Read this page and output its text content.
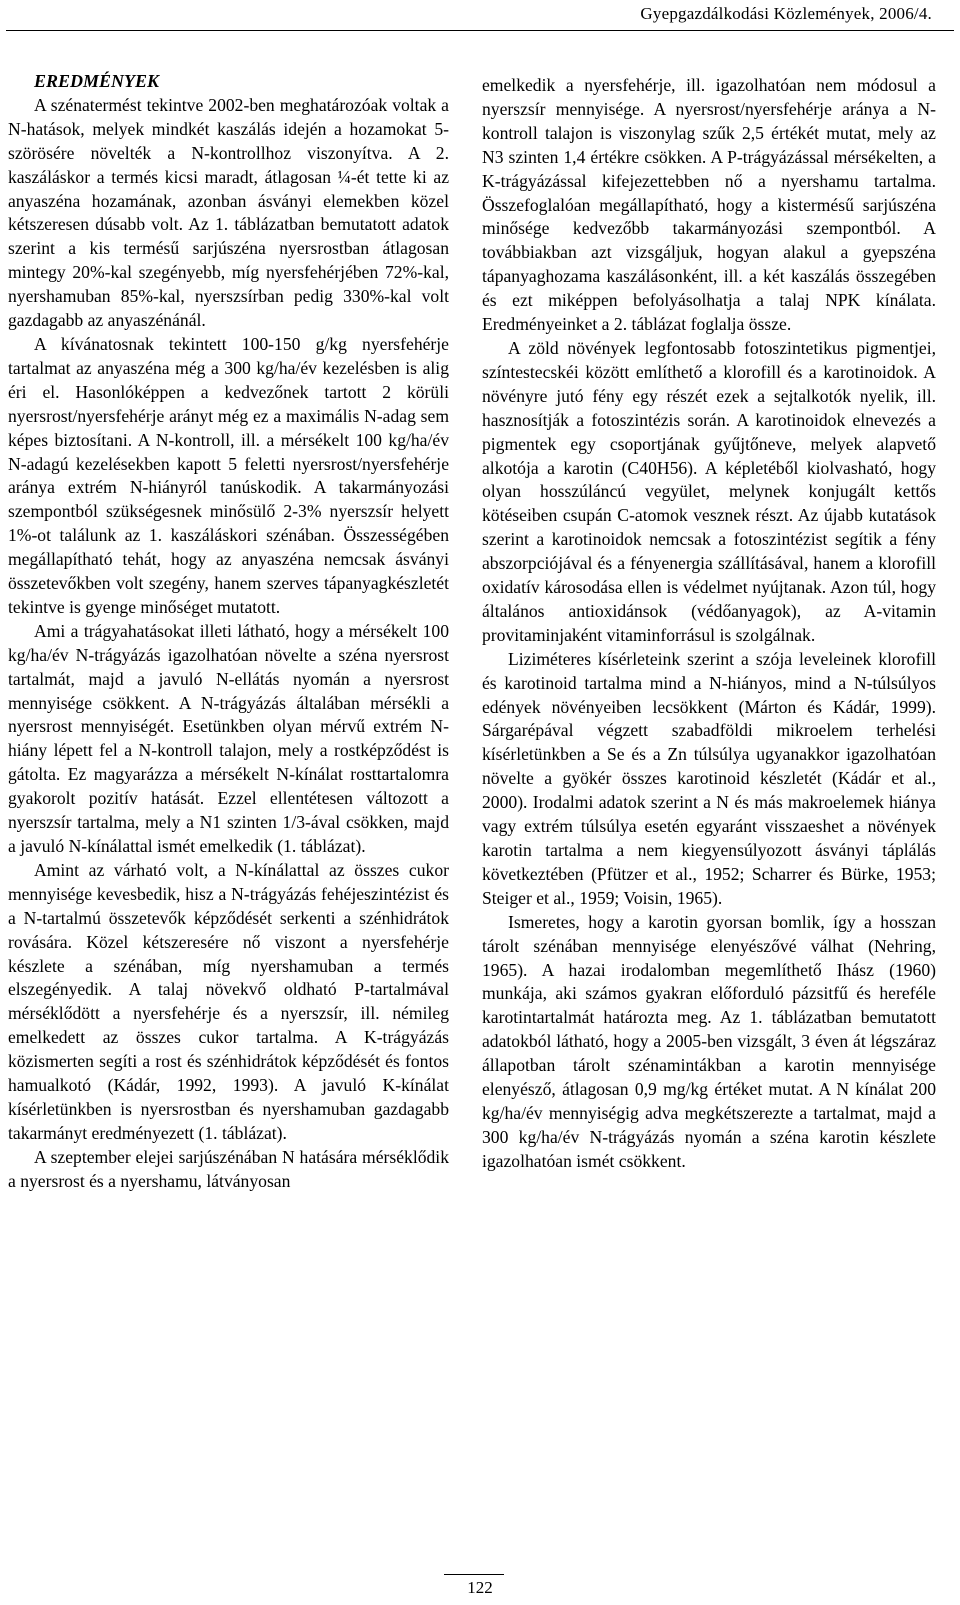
Gyepgazdálkodási Közlemények, 2006/4.

EREDMÉNYEK

A szénatermést tekintve 2002-ben meghatározóak voltak a N-hatások, melyek mindkét kaszálás idején a hozamokat 5-szörösére növelték a N-kontrollhoz viszonyítva. A 2. kaszáláskor a termés kicsi maradt, átlagosan ¼-ét tette ki az anyaszéna hozamának, azonban ásványi elemekben közel kétszeresen dúsabb volt. Az 1. táblázatban bemutatott adatok szerint a kis termésű sarjúszéna nyersrostban átlagosan mintegy 20%-kal szegényebb, míg nyersfehérjében 72%-kal, nyershamuban 85%-kal, nyerszsírban pedig 330%-kal volt gazdagabb az anyaszénánál.

A kívánatosnak tekintett 100-150 g/kg nyersfehérje tartalmat az anyaszéna még a 300 kg/ha/év kezelésben is alig éri el. Hasonlóképpen a kedvezőnek tartott 2 körüli nyersrost/nyersfehérje arányt még ez a maximális N-adag sem képes biztosítani. A N-kontroll, ill. a mérsékelt 100 kg/ha/év N-adagú kezelésekben kapott 5 feletti nyersrost/nyersfehérje aránya extrém N-hiányról tanúskodik. A takarmányozási szempontból szükségesnek minősülő 2-3% nyerszsír helyett 1%-ot találunk az 1. kaszáláskori szénában. Összességében megállapítható tehát, hogy az anyaszéna nemcsak ásványi összetevőkben volt szegény, hanem szerves tápanyagkészletét tekintve is gyenge minőséget mutatott.

Ami a trágyahatásokat illeti látható, hogy a mérsékelt 100 kg/ha/év N-trágyázás igazolhatóan növelte a széna nyersrost tartalmát, majd a javuló N-ellátás nyomán a nyersrost mennyisége csökkent. A N-trágyázás általában mérsékli a nyersrost mennyiségét. Esetünkben olyan mérvű extrém N-hiány lépett fel a N-kontroll talajon, mely a rostképződést is gátolta. Ez magyarázza a mérsékelt N-kínálat rosttartalomra gyakorolt pozitív hatását. Ezzel ellentétesen változott a nyerszsír tartalma, mely a N1 szinten 1/3-ával csökken, majd a javuló N-kínálattal ismét emelkedik (1. táblázat).

Amint az várható volt, a N-kínálattal az összes cukor mennyisége kevesbedik, hisz a N-trágyázás fehéjeszintézist és a N-tartalmú összetevők képződését serkenti a szénhidrátok rovására. Közel kétszeresére nő viszont a nyersfehérje készlete a szénában, míg nyershamuban a termés elszegényedik. A talaj növekvő oldható P-tartalmával mérséklődött a nyersfehérje és a nyerszsír, ill. némileg emelkedett az összes cukor tartalma. A K-trágyázás közismerten segíti a rost és szénhidrátok képződését és fontos hamualkotó (Kádár, 1992, 1993). A javuló K-kínálat kísérletünkben is nyersrostban és nyershamuban gazdagabb takarmányt eredményezett (1. táblázat).

A szeptember elejei sarjúszénában N hatására mérséklődik a nyersrost és a nyershamu, látványosan

emelkedik a nyersfehérje, ill. igazolhatóan nem módosul a nyerszsír mennyisége. A nyersrost/nyersfehérje aránya a N-kontroll talajon is viszonylag szűk 2,5 értékét mutat, mely az N3 szinten 1,4 értékre csökken. A P-trágyázással mérsékelten, a K-trágyázással kifejezettebben nő a nyershamu tartalma. Összefoglalóan megállapítható, hogy a kistermésű sarjúszéna minősége kedvezőbb takarmányozási szempontból. A továbbiakban azt vizsgáljuk, hogyan alakul a gyepszéna tápanyaghozama kaszálásonként, ill. a két kaszálás összegében és ezt miképpen befolyásolhatja a talaj NPK kínálata. Eredményeinket a 2. táblázat foglalja össze.

A zöld növények legfontosabb fotoszintetikus pigmentjei, színtestecskéi között említhető a klorofill és a karotinoidok. A növényre jutó fény egy részét ezek a sejtalkotók nyelik, ill. hasznosítják a fotoszintézis során. A karotinoidok elnevezés a pigmentek egy csoportjának gyűjtőneve, melyek alapvető alkotója a karotin (C40H56). A képletéből kiolvasható, hogy olyan hosszúláncú vegyület, melynek konjugált kettős kötéseiben csupán C-atomok vesznek részt. Az újabb kutatások szerint a karotinoidok nemcsak a fotoszintézist segítik a fény abszorpciójával és a fényenergia szállításával, hanem a klorofill oxidatív károsodása ellen is védelmet nyújtanak. Azon túl, hogy általános antioxidánsok (védőanyagok), az A-vitamin provitaminjaként vitaminforrásul is szolgálnak.

Liziméteres kísérleteink szerint a szója leveleinek klorofill és karotinoid tartalma mind a N-hiányos, mind a N-túlsúlyos edények növényeiben lecsökkent (Márton és Kádár, 1999). Sárgarépával végzett szabadföldi mikroelem terhelési kísérletünkben a Se és a Zn túlsúlya ugyanakkor igazolhatóan növelte a gyökér összes karotinoid készletét (Kádár et al., 2000). Irodalmi adatok szerint a N és más makroelemek hiánya vagy extrém túlsúlya esetén egyaránt visszaeshet a növények karotin tartalma a nem kiegyensúlyozott ásványi táplálás következtében (Pfützer et al., 1952; Scharrer és Bürke, 1953; Steiger et al., 1959; Voisin, 1965).

Ismeretes, hogy a karotin gyorsan bomlik, így a hosszan tárolt szénában mennyisége elenyészővé válhat (Nehring, 1965). A hazai irodalomban megemlíthető Ihász (1960) munkája, aki számos gyakran előforduló pázsitfű és herefélе karotintartalmát határozta meg. Az 1. táblázatban bemutatott adatokból látható, hogy a 2005-ben vizsgált, 3 éven át légszáraz állapotban tárolt szénamintákban a karotin mennyisége elenyésző, átlagosan 0,9 mg/kg értéket mutat. A N kínálat 200 kg/ha/év mennyiségig adva megkétszerezte a tartalmat, majd a 300 kg/ha/év N-trágyázás nyomán a széna karotin készlete igazolhatóan ismét csökkent.

122
